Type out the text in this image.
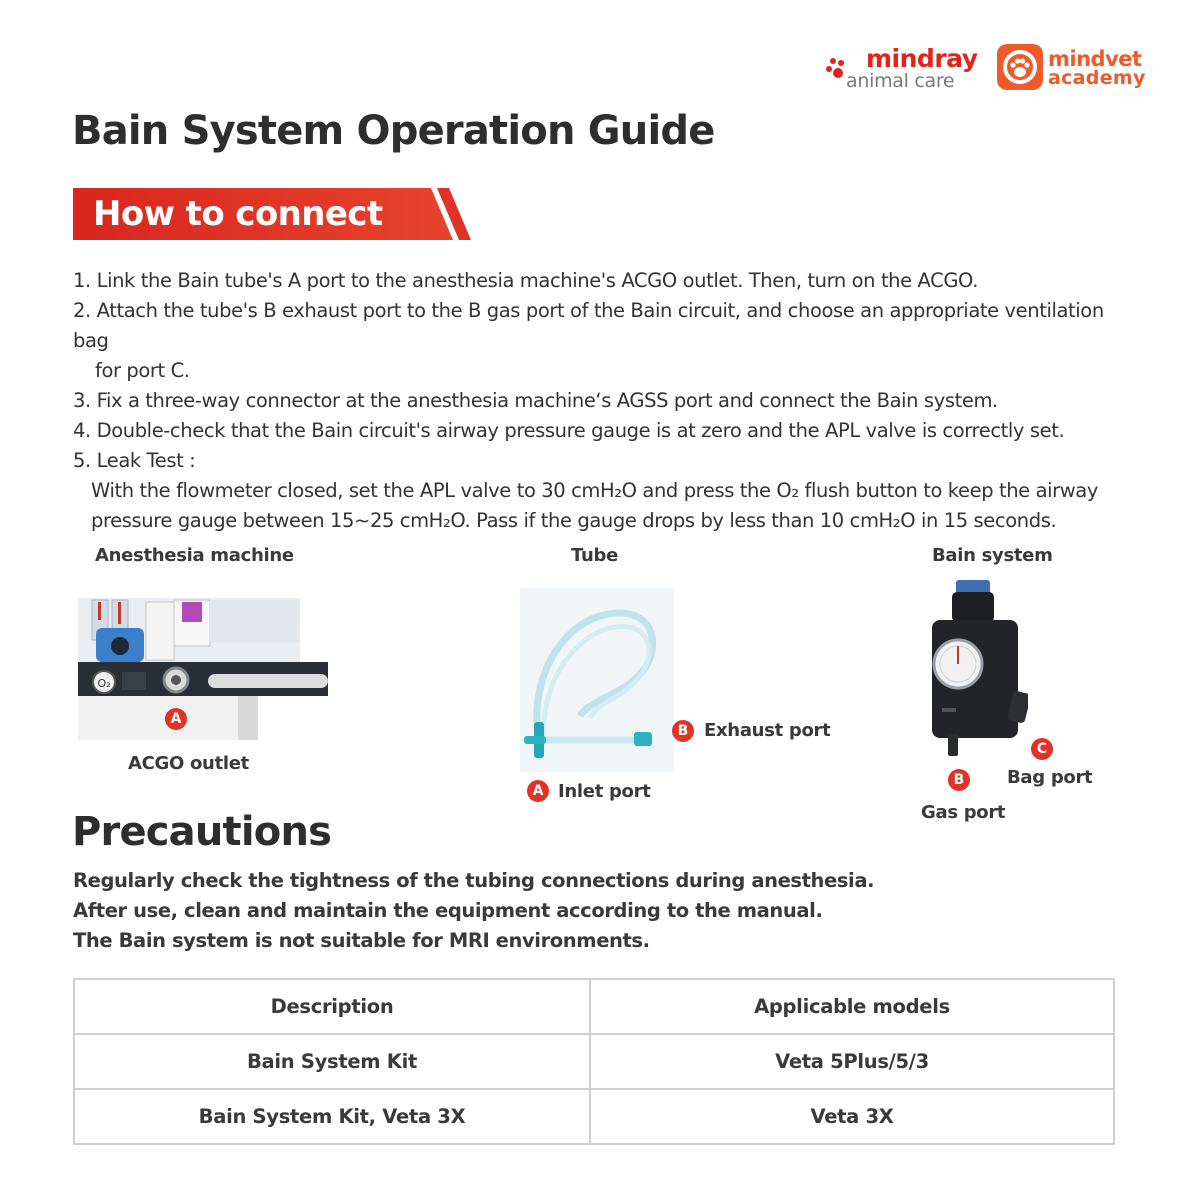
mindray
animal care
mindvet
academy
Bain System Operation Guide
How to connect
1. Link the Bain tube's A port to the anesthesia machine's ACGO outlet. Then, turn on the ACGO.
2. Attach the tube's B exhaust port to the B gas port of the Bain circuit, and choose an appropriate ventilation bag
for port C.
3. Fix a three-way connector at the anesthesia machine‘s AGSS port and connect the Bain system.
4. Double-check that the Bain circuit's airway pressure gauge is at zero and the APL valve is correctly set.
5. Leak Test :
With the flowmeter closed, set the APL valve to 30 cmH₂O and press the O₂ flush button to keep the airway
pressure gauge between 15~25 cmH₂O. Pass if the gauge drops by less than 10 cmH₂O in 15 seconds.
Anesthesia machine
O₂
A
ACGO outlet
Tube
B Exhaust port
A Inlet port
Bain system
C
Bag port
B
Gas port
Precautions
Regularly check the tightness of the tubing connections during anesthesia.
After use, clean and maintain the equipment according to the manual.
The Bain system is not suitable for MRI environments.
Description	Applicable models
Bain System Kit	Veta 5Plus/5/3
Bain System Kit, Veta 3X	Veta 3X
